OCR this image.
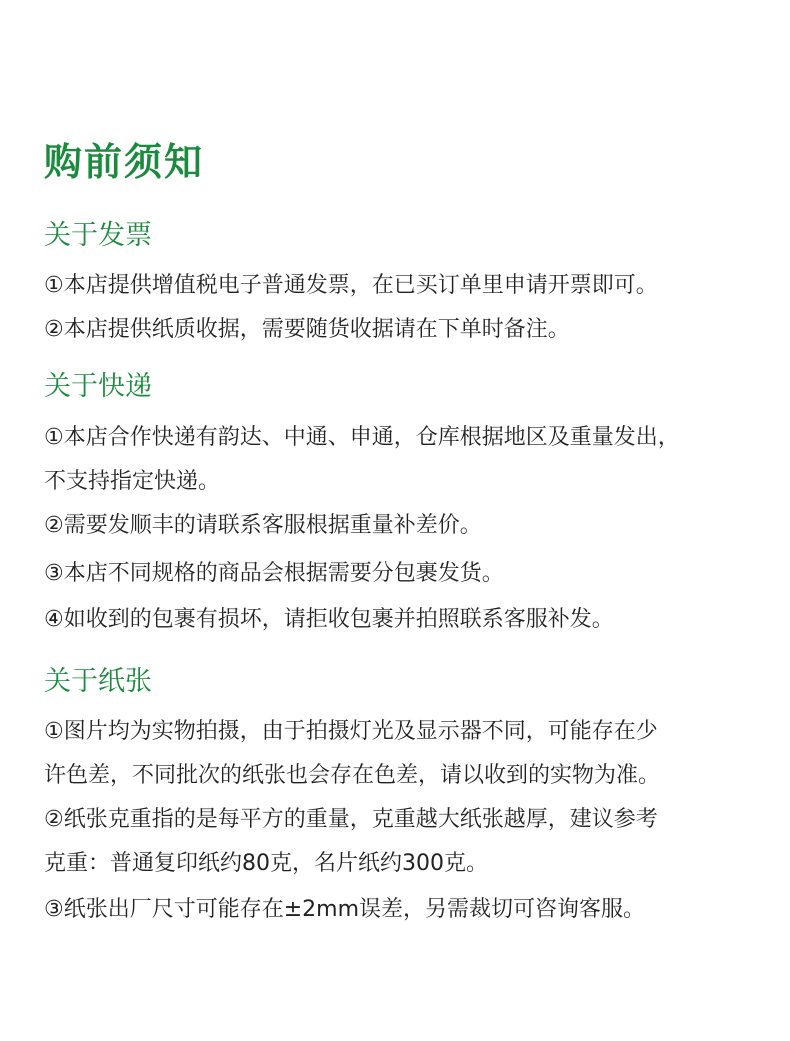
购前须知
关于发票

①本店提供增值税电子普通发票，在已买订单里申请开票即可。

②本店提供纸质收据，需要随货收据请在下单时备注。

关于快递

①本店合作快递有韵达、中通、申通，仓库根据地区及重量发出，

不支持指定快递。

②需要发顺丰的请联系客服根据重量补差价。

③本店不同规格的商品会根据需要分包裹发货。

④如收到的包裹有损坏，请拒收包裹并拍照联系客服补发。

关于纸张

①图片均为实物拍摄，由于拍摄灯光及显示器不同，可能存在少

许色差，不同批次的纸张也会存在色差，请以收到的实物为准。

②纸张克重指的是每平方的重量，克重越大纸张越厚，建议参考

克重：普通复印纸约80克，名片纸约300克。

③纸张出厂尺寸可能存在±2mm误差，另需裁切可咨询客服。
